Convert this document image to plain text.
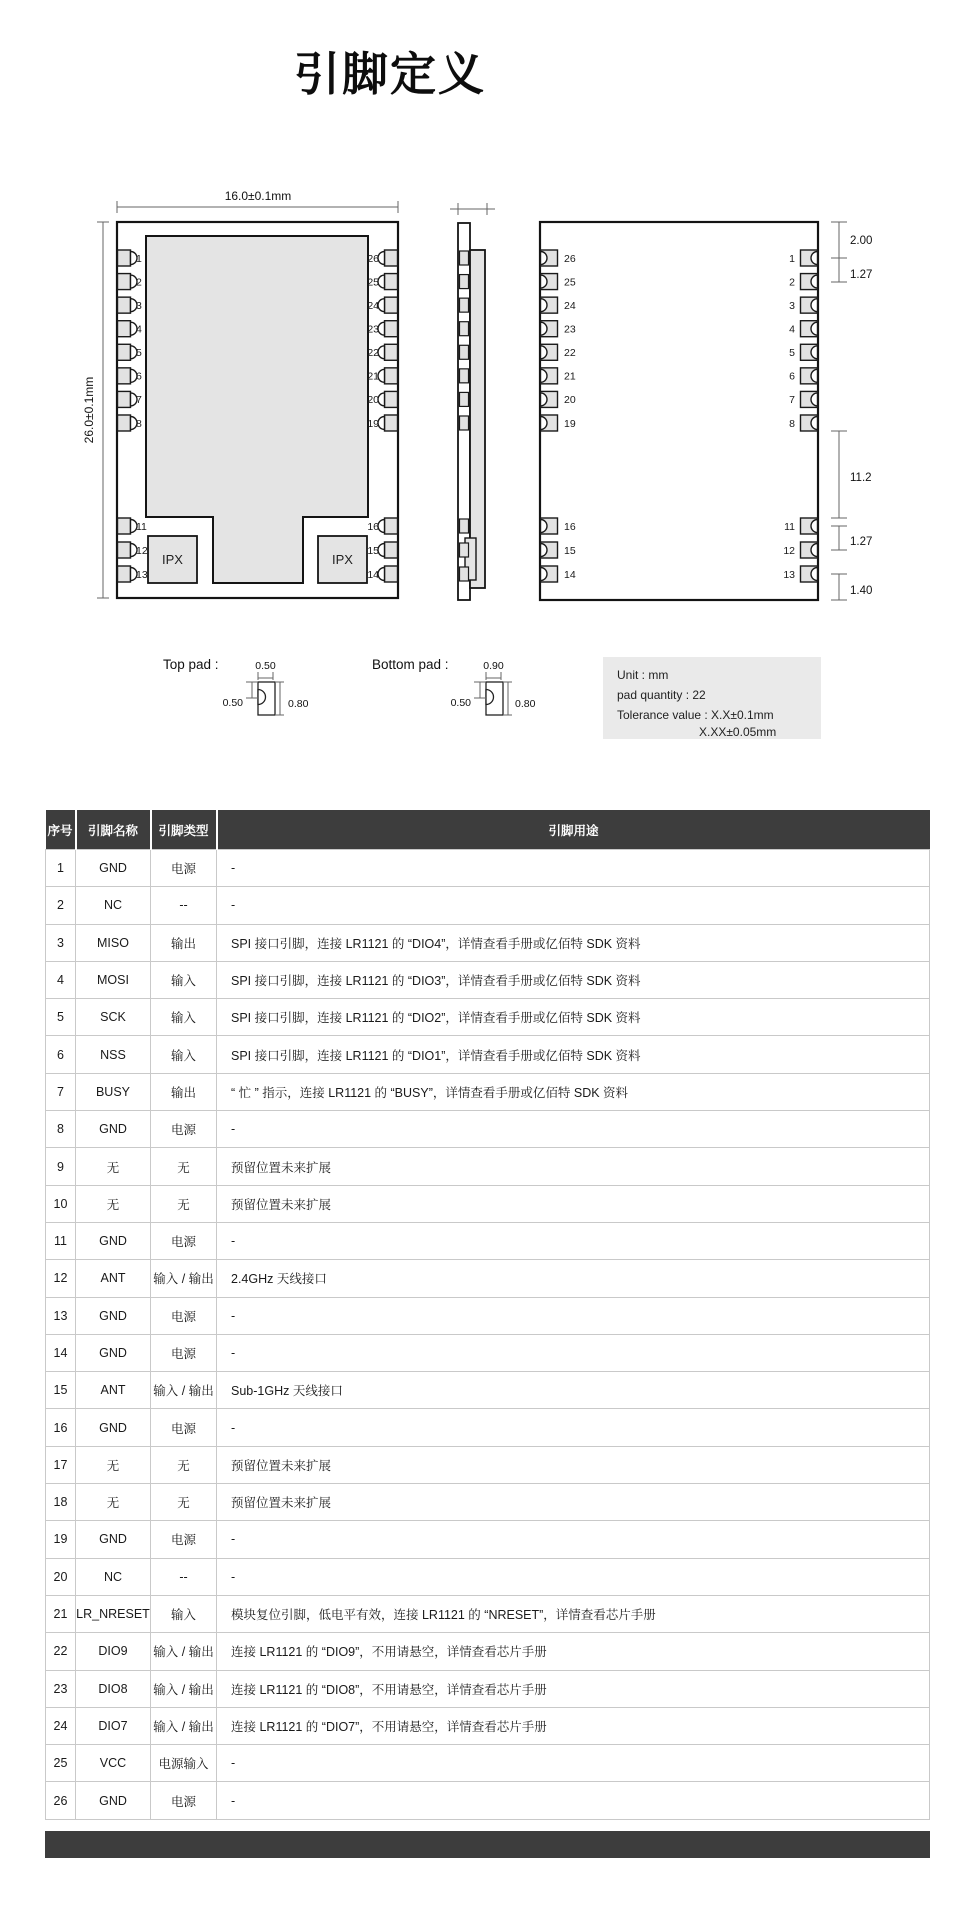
引脚定义
16.0±0.1mm
26.0±0.1mm
IPX	IPX
1
2
3
4
5
6
7
8
26
25
24
23
22
21
20
19
11
12
13
16
15
14
26
25
24
23
22
21
20
19
1
2
3
4
5
6
7
8
16
15
14
11
12
13
2.00
1.27
11.2
1.27
1.40
Top pad :	0.50
0.50	0.80
Bottom pad :	0.90
0.50	0.80
Unit : mm
pad quantity : 22
Tolerance value : X.X±0.1mm
X.XX±0.05mm
序号	引脚名称	引脚类型	引脚用途
1	GND	电源	-
2	NC	--	-
3	MISO	输出	SPI 接口引脚，连接 LR1121 的 “DIO4”，详情查看手册或亿佰特 SDK 资料
4	MOSI	输入	SPI 接口引脚，连接 LR1121 的 “DIO3”，详情查看手册或亿佰特 SDK 资料
5	SCK	输入	SPI 接口引脚，连接 LR1121 的 “DIO2”，详情查看手册或亿佰特 SDK 资料
6	NSS	输入	SPI 接口引脚，连接 LR1121 的 “DIO1”，详情查看手册或亿佰特 SDK 资料
7	BUSY	输出	“ 忙 ” 指示，连接 LR1121 的 “BUSY”，详情查看手册或亿佰特 SDK 资料
8	GND	电源	-
9	无	无	预留位置未来扩展
10	无	无	预留位置未来扩展
11	GND	电源	-
12	ANT	输入 / 输出	2.4GHz 天线接口
13	GND	电源	-
14	GND	电源	-
15	ANT	输入 / 输出	Sub-1GHz 天线接口
16	GND	电源	-
17	无	无	预留位置未来扩展
18	无	无	预留位置未来扩展
19	GND	电源	-
20	NC	--	-
21	LR_NRESET	输入	模块复位引脚，低电平有效，连接 LR1121 的 “NRESET”，详情查看芯片手册
22	DIO9	输入 / 输出	连接 LR1121 的 “DIO9”，不用请悬空，详情查看芯片手册
23	DIO8	输入 / 输出	连接 LR1121 的 “DIO8”，不用请悬空，详情查看芯片手册
24	DIO7	输入 / 输出	连接 LR1121 的 “DIO7”，不用请悬空，详情查看芯片手册
25	VCC	电源输入	-
26	GND	电源	-
